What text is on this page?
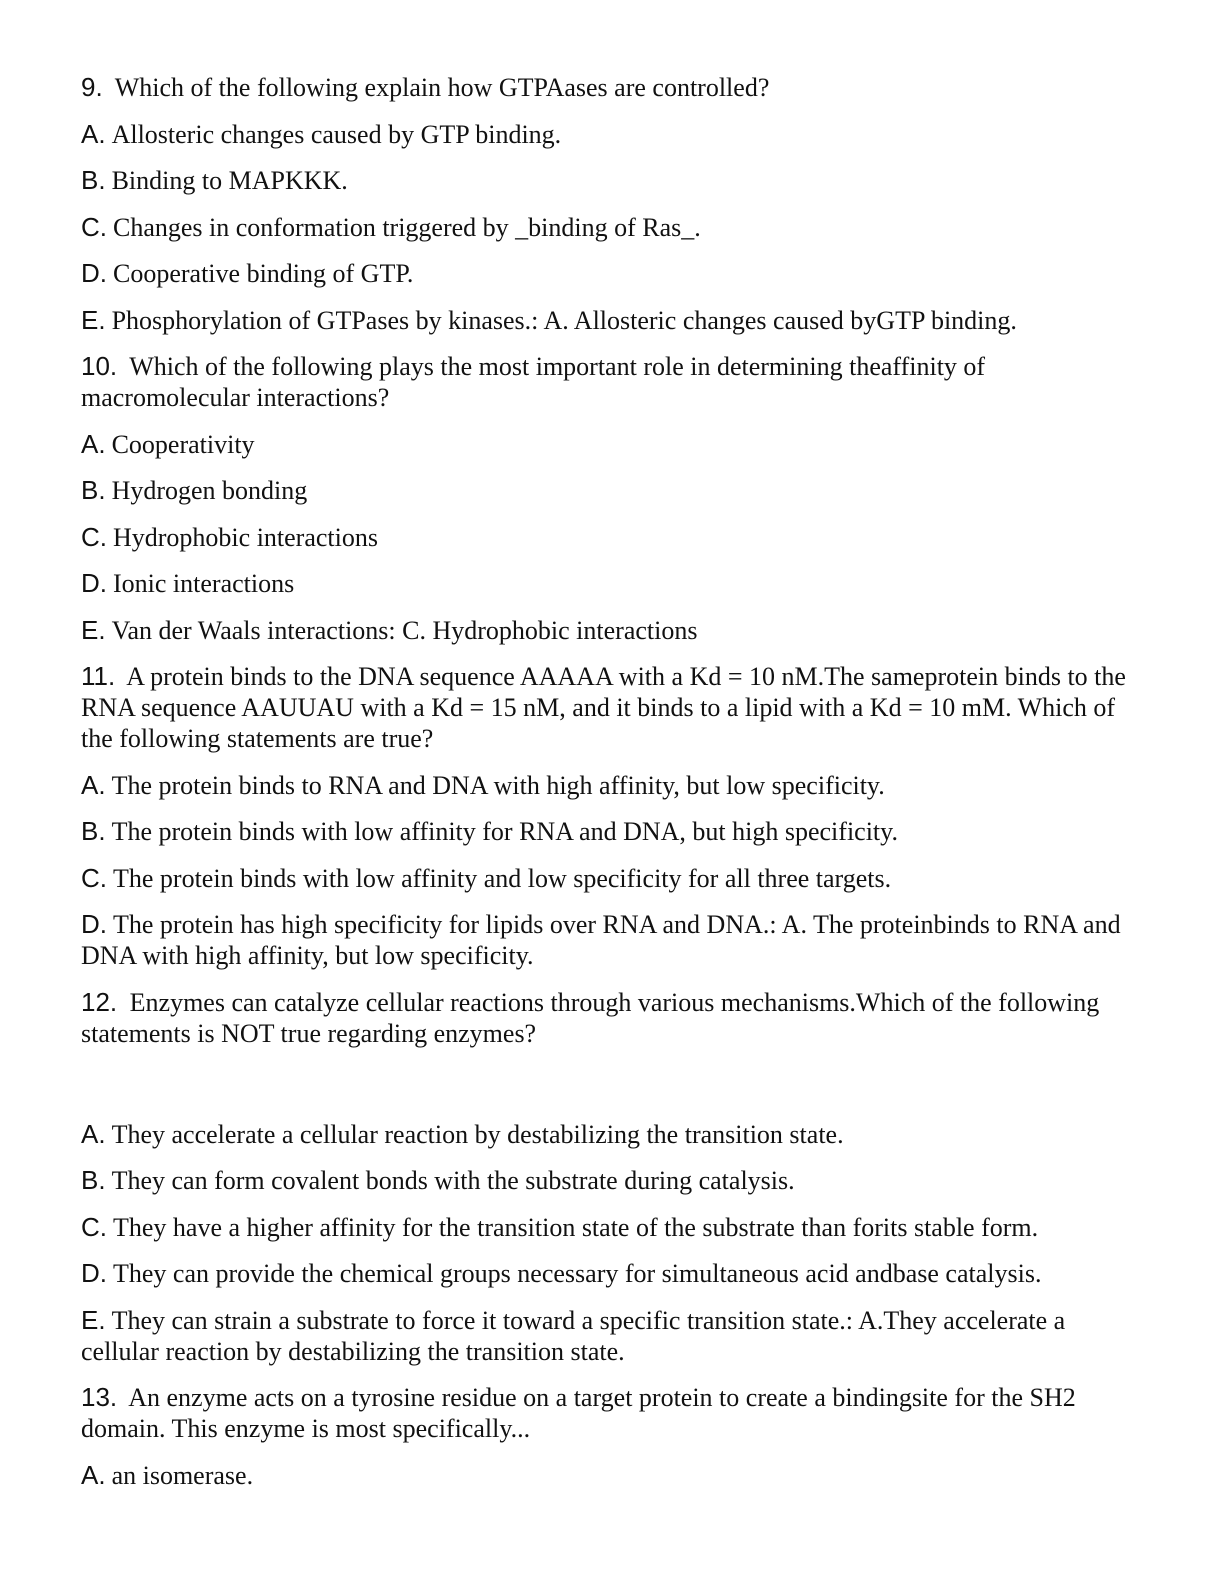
9. Which of the following explain how GTPAases are controlled?
A. Allosteric changes caused by GTP binding.
B. Binding to MAPKKK.
C. Changes in conformation triggered by _binding of Ras_.
D. Cooperative binding of GTP.
E. Phosphorylation of GTPases by kinases.: A. Allosteric changes caused byGTP binding.
10. Which of the following plays the most important role in determining theaffinity of macromolecular interactions?
A. Cooperativity
B. Hydrogen bonding
C. Hydrophobic interactions
D. Ionic interactions
E. Van der Waals interactions: C. Hydrophobic interactions
11. A protein binds to the DNA sequence AAAAA with a Kd = 10 nM.The sameprotein binds to the RNA sequence AAUUAU with a Kd = 15 nM, and it binds to a lipid with a Kd = 10 mM. Which of the following statements are true?
A. The protein binds to RNA and DNA with high affinity, but low specificity.
B. The protein binds with low affinity for RNA and DNA, but high specificity.
C. The protein binds with low affinity and low specificity for all three targets.
D. The protein has high specificity for lipids over RNA and DNA.: A. The proteinbinds to RNA and DNA with high affinity, but low specificity.
12. Enzymes can catalyze cellular reactions through various mechanisms.Which of the following statements is NOT true regarding enzymes?
A. They accelerate a cellular reaction by destabilizing the transition state.
B. They can form covalent bonds with the substrate during catalysis.
C. They have a higher affinity for the transition state of the substrate than forits stable form.
D. They can provide the chemical groups necessary for simultaneous acid andbase catalysis.
E. They can strain a substrate to force it toward a specific transition state.: A.They accelerate a cellular reaction by destabilizing the transition state.
13. An enzyme acts on a tyrosine residue on a target protein to create a bindingsite for the SH2 domain. This enzyme is most specifically...
A. an isomerase.
